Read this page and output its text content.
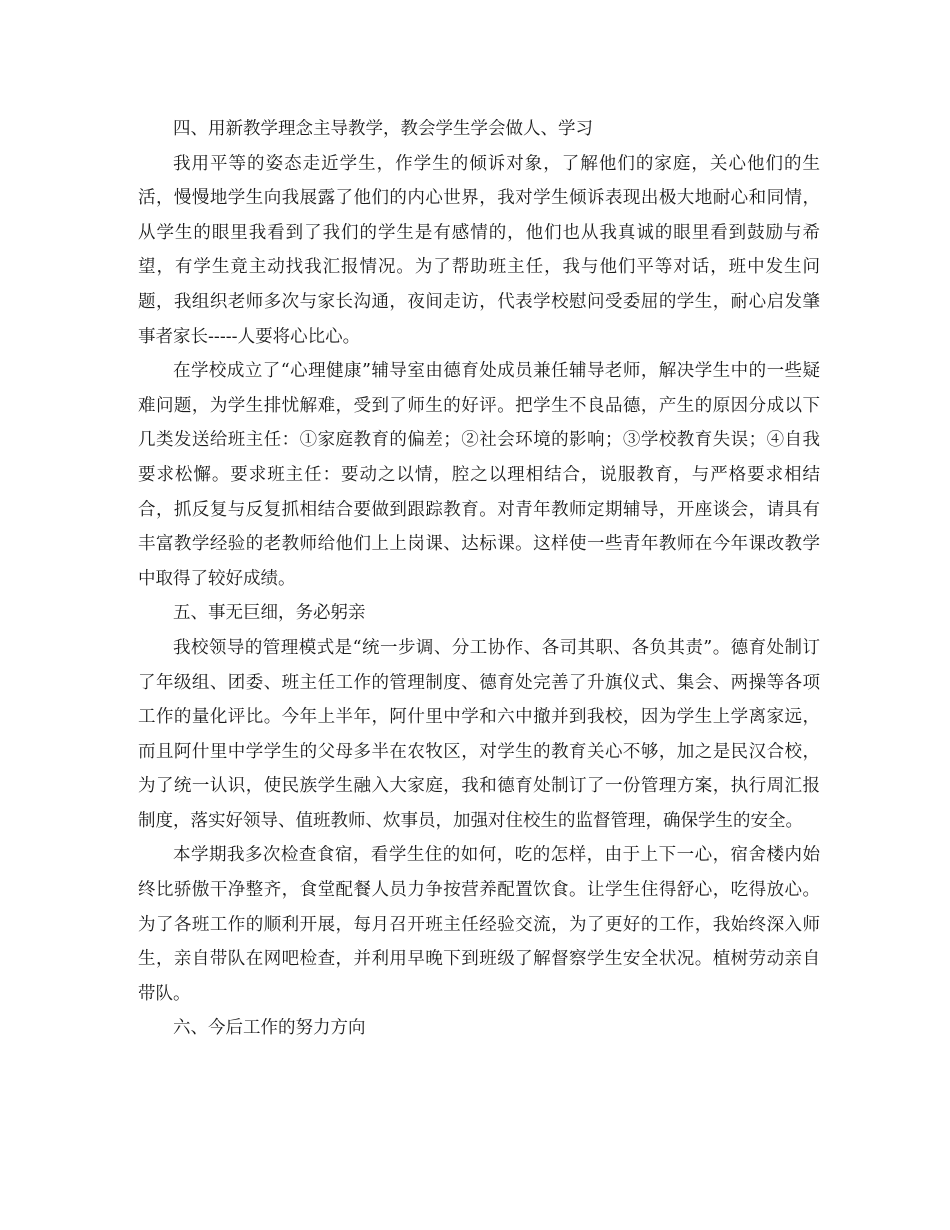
四、用新教学理念主导教学，教会学生学会做人、学习

我用平等的姿态走近学生，作学生的倾诉对象，了解他们的家庭，关心他们的生活，慢慢地学生向我展露了他们的内心世界，我对学生倾诉表现出极大地耐心和同情，从学生的眼里我看到了我们的学生是有感情的，他们也从我真诚的眼里看到鼓励与希望，有学生竟主动找我汇报情况。为了帮助班主任，我与他们平等对话，班中发生问题，我组织老师多次与家长沟通，夜间走访，代表学校慰问受委屈的学生，耐心启发肇事者家长-----人要将心比心。

在学校成立了“心理健康”辅导室由德育处成员兼任辅导老师，解决学生中的一些疑难问题，为学生排忧解难，受到了师生的好评。把学生不良品德，产生的原因分成以下几类发送给班主任：①家庭教育的偏差；②社会环境的影响；③学校教育失误；④自我要求松懈。要求班主任：要动之以情，腔之以理相结合，说服教育，与严格要求相结合，抓反复与反复抓相结合要做到跟踪教育。对青年教师定期辅导，开座谈会，请具有丰富教学经验的老教师给他们上上岗课、达标课。这样使一些青年教师在今年课改教学中取得了较好成绩。

五、事无巨细，务必躬亲

我校领导的管理模式是“统一步调、分工协作、各司其职、各负其责”。德育处制订了年级组、团委、班主任工作的管理制度、德育处完善了升旗仪式、集会、两操等各项工作的量化评比。今年上半年，阿什里中学和六中撤并到我校，因为学生上学离家远，而且阿什里中学学生的父母多半在农牧区，对学生的教育关心不够，加之是民汉合校，为了统一认识，使民族学生融入大家庭，我和德育处制订了一份管理方案，执行周汇报制度，落实好领导、值班教师、炊事员，加强对住校生的监督管理，确保学生的安全。

本学期我多次检查食宿，看学生住的如何，吃的怎样，由于上下一心，宿舍楼内始终比骄傲干净整齐，食堂配餐人员力争按营养配置饮食。让学生住得舒心，吃得放心。为了各班工作的顺利开展，每月召开班主任经验交流，为了更好的工作，我始终深入师生，亲自带队在网吧检查，并利用早晚下到班级了解督察学生安全状况。植树劳动亲自带队。

六、今后工作的努力方向
